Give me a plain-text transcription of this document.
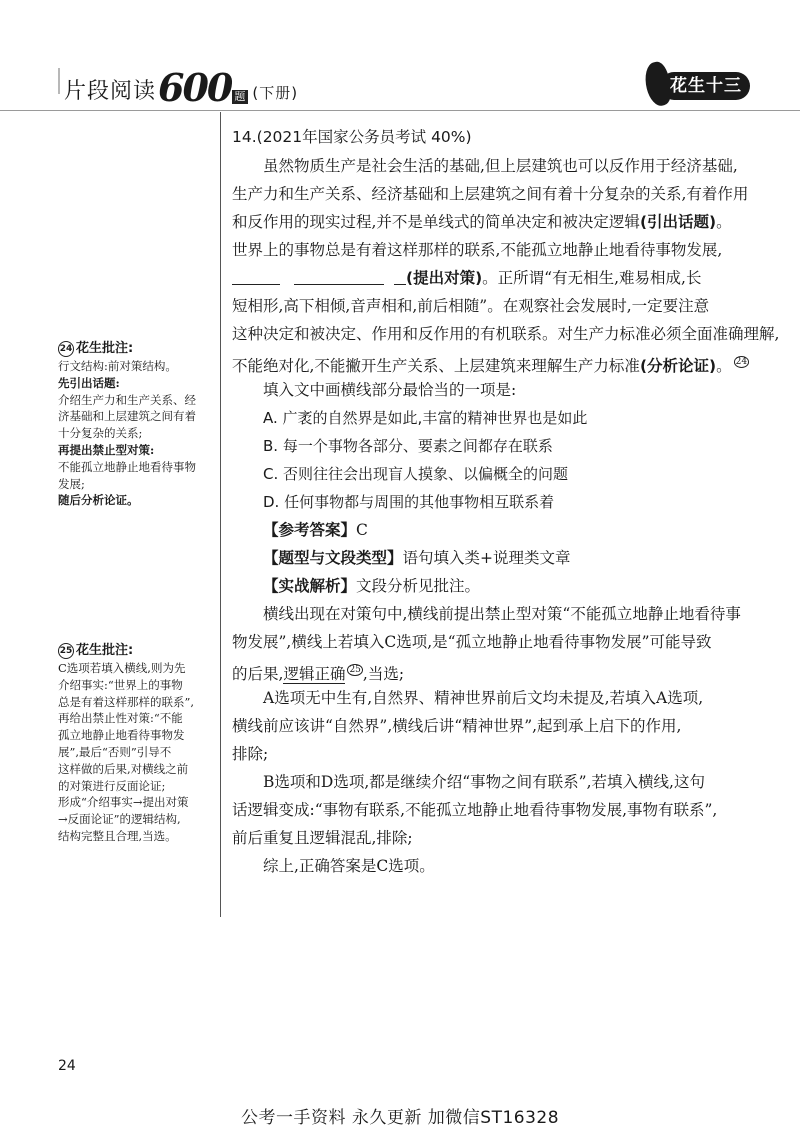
片段阅读600 题 (下册)	花生十三
24 花生批注:

行文结构:前对策结构。

先引出话题:

介绍生产力和生产关系、经

济基础和上层建筑之间有着

十分复杂的关系;

再提出禁止型对策:

不能孤立地静止地看待事物

发展;

随后分析论证。

25 花生批注:

C选项若填入横线,则为先

介绍事实:“世界上的事物

总是有着这样那样的联系”,

再给出禁止性对策:“不能

孤立地静止地看待事物发

展”,最后“否则”引导不

这样做的后果,对横线之前

的对策进行反面论证;

形成“介绍事实→提出对策

→反面论证”的逻辑结构,

结构完整且合理,当选。

14.(2021年国家公务员考试 40%)
虽然物质生产是社会生活的基础,但上层建筑也可以反作用于经济基础,
生产力和生产关系、经济基础和上层建筑之间有着十分复杂的关系,有着作用
和反作用的现实过程,并不是单线式的简单决定和被决定逻辑(引出话题)。
世界上的事物总是有着这样那样的联系,不能孤立地静止地看待事物发展,
(提出对策)。正所谓“有无相生,难易相成,长
短相形,高下相倾,音声相和,前后相随”。在观察社会发展时,一定要注意
这种决定和被决定、作用和反作用的有机联系。对生产力标准必须全面准确理解,
不能绝对化,不能撇开生产关系、上层建筑来理解生产力标准(分析论证)。 $^{24}$
填入文中画横线部分最恰当的一项是:
A. 广袤的自然界是如此,丰富的精神世界也是如此
B. 每一个事物各部分、要素之间都存在联系
C. 否则往往会出现盲人摸象、以偏概全的问题
D. 任何事物都与周围的其他事物相互联系着
【参考答案】C
【题型与文段类型】语句填入类+说理类文章
【实战解析】文段分析见批注。
横线出现在对策句中,横线前提出禁止型对策“不能孤立地静止地看待事
物发展”,横线上若填入C选项,是“孤立地静止地看待事物发展”可能导致
的后果,逻辑正确 $^{25}$ ,当选;
A选项无中生有,自然界、精神世界前后文均未提及,若填入A选项,
横线前应该讲“自然界”,横线后讲“精神世界”,起到承上启下的作用,
排除;
B选项和D选项,都是继续介绍“事物之间有联系”,若填入横线,这句
话逻辑变成:“事物有联系,不能孤立地静止地看待事物发展,事物有联系”,
前后重复且逻辑混乱,排除;
综上,正确答案是C选项。
24
公考一手资料 永久更新 加微信ST16328
